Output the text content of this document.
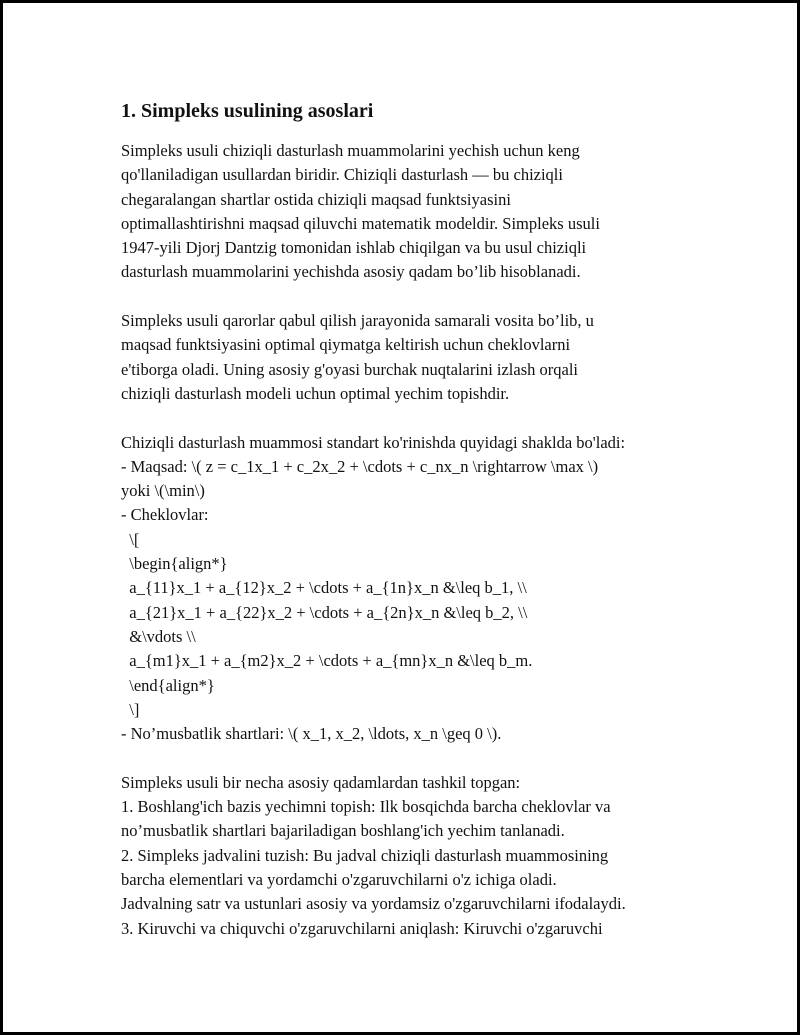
1. Simpleks usulining asoslari

Simpleks usuli chiziqli dasturlash muammolarini yechish uchun keng
qo'llaniladigan usullardan biridir. Chiziqli dasturlash — bu chiziqli
chegaralangan shartlar ostida chiziqli maqsad funktsiyasini
optimallashtirishni maqsad qiluvchi matematik modeldir. Simpleks usuli
1947-yili Djorj Dantzig tomonidan ishlab chiqilgan va bu usul chiziqli
dasturlash muammolarini yechishda asosiy qadam bo’lib hisoblanadi.

Simpleks usuli qarorlar qabul qilish jarayonida samarali vosita bo’lib, u
maqsad funktsiyasini optimal qiymatga keltirish uchun cheklovlarni
e'tiborga oladi. Uning asosiy g'oyasi burchak nuqtalarini izlash orqali
chiziqli dasturlash modeli uchun optimal yechim topishdir.

Chiziqli dasturlash muammosi standart ko'rinishda quyidagi shaklda bo'ladi:
- Maqsad: \( z = c_1x_1 + c_2x_2 + \cdots + c_nx_n \rightarrow \max \)
yoki \(\min\)
- Cheklovlar:
\[
\begin{align*}
a_{11}x_1 + a_{12}x_2 + \cdots + a_{1n}x_n &\leq b_1, \\
a_{21}x_1 + a_{22}x_2 + \cdots + a_{2n}x_n &\leq b_2, \\
&\vdots \\
a_{m1}x_1 + a_{m2}x_2 + \cdots + a_{mn}x_n &\leq b_m.
\end{align*}
\]
- No’musbatlik shartlari: \( x_1, x_2, \ldots, x_n \geq 0 \).

Simpleks usuli bir necha asosiy qadamlardan tashkil topgan:
1. Boshlang'ich bazis yechimni topish: Ilk bosqichda barcha cheklovlar va
no’musbatlik shartlari bajariladigan boshlang'ich yechim tanlanadi.
2. Simpleks jadvalini tuzish: Bu jadval chiziqli dasturlash muammosining
barcha elementlari va yordamchi o'zgaruvchilarni o'z ichiga oladi.
Jadvalning satr va ustunlari asosiy va yordamsiz o'zgaruvchilarni ifodalaydi.
3. Kiruvchi va chiquvchi o'zgaruvchilarni aniqlash: Kiruvchi o'zgaruvchi
